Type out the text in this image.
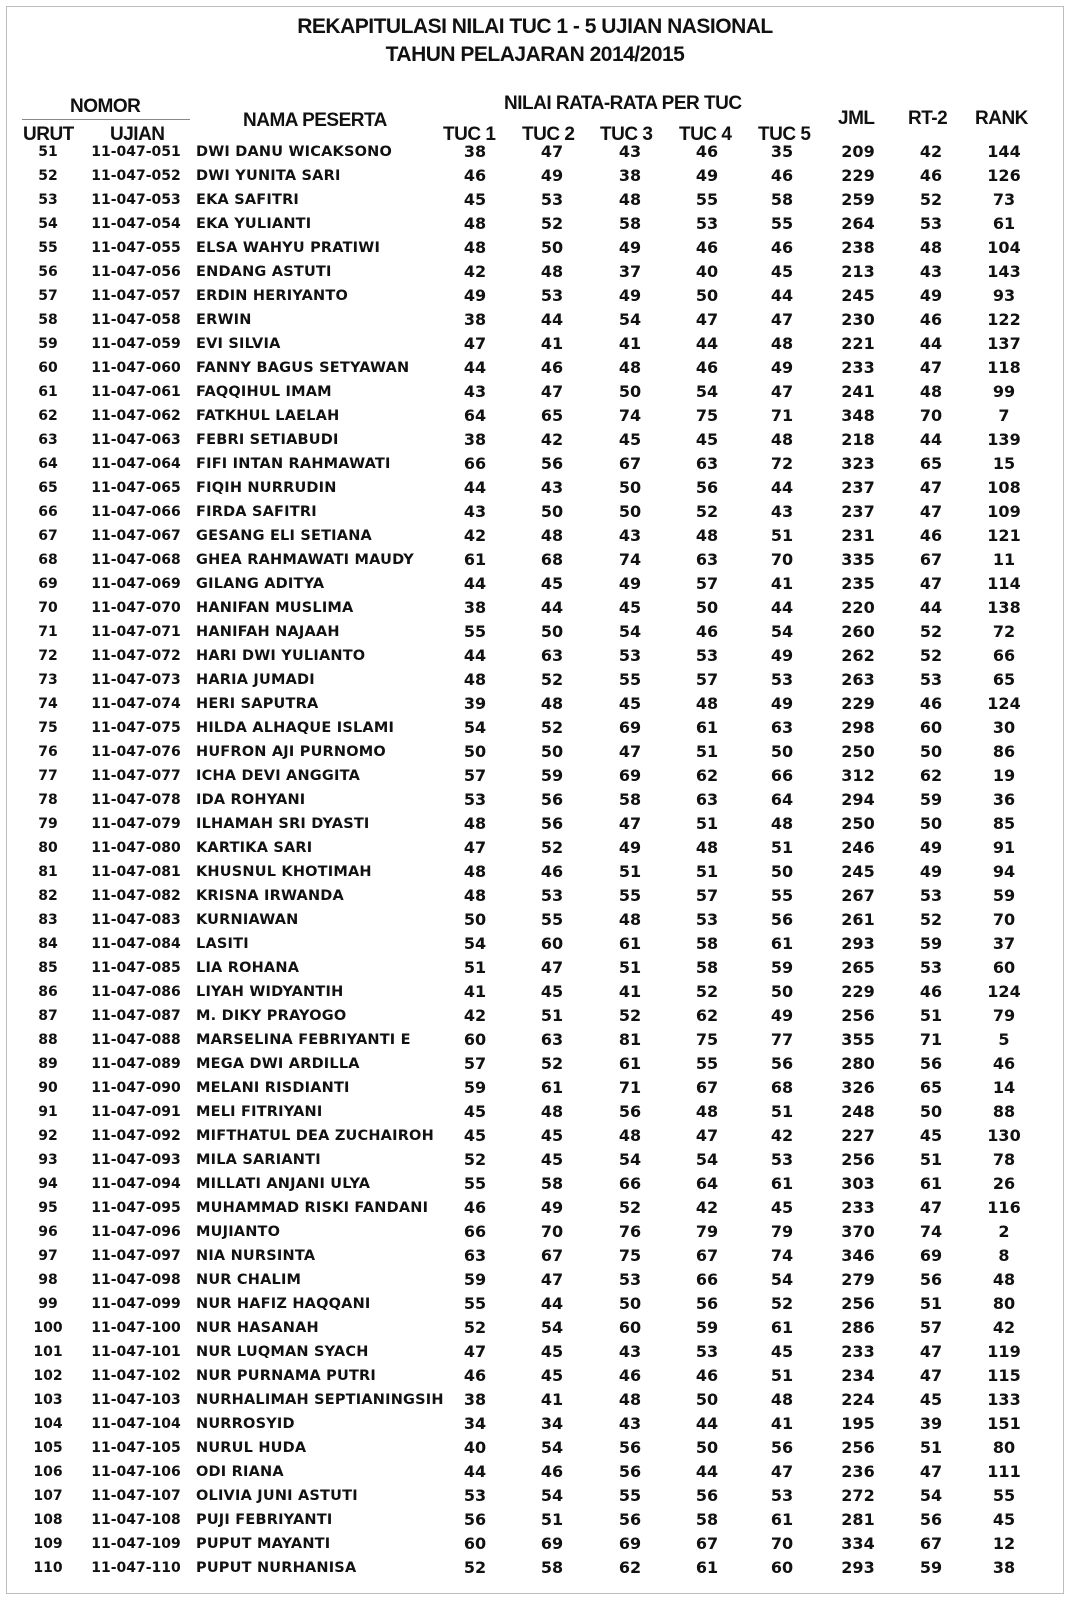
REKAPITULASI NILAI TUC 1 - 5 UJIAN NASIONAL
TAHUN PELAJARAN 2014/2015
NOMOR
URUT UJIAN
NAMA PESERTA
NILAI RATA-RATA PER TUC
TUC 1 TUC 2 TUC 3 TUC 4 TUC 5
JML RT-2 RANK
51	11-047-051 DWI DANU WICAKSONO	38	47	43	46	35	209	42	144
52	11-047-052 DWI YUNITA SARI	46	49	38	49	46	229	46	126
53	11-047-053 EKA SAFITRI	45	53	48	55	58	259	52	73
54	11-047-054 EKA YULIANTI	48	52	58	53	55	264	53	61
55	11-047-055 ELSA WAHYU PRATIWI	48	50	49	46	46	238	48	104
56	11-047-056 ENDANG ASTUTI	42	48	37	40	45	213	43	143
57	11-047-057 ERDIN HERIYANTO	49	53	49	50	44	245	49	93
58	11-047-058 ERWIN	38	44	54	47	47	230	46	122
59	11-047-059 EVI SILVIA	47	41	41	44	48	221	44	137
60	11-047-060 FANNY BAGUS SETYAWAN	44	46	48	46	49	233	47	118
61	11-047-061 FAQQIHUL IMAM	43	47	50	54	47	241	48	99
62	11-047-062 FATKHUL LAELAH	64	65	74	75	71	348	70	7
63	11-047-063 FEBRI SETIABUDI	38	42	45	45	48	218	44	139
64	11-047-064 FIFI INTAN RAHMAWATI	66	56	67	63	72	323	65	15
65	11-047-065 FIQIH NURRUDIN	44	43	50	56	44	237	47	108
66	11-047-066 FIRDA SAFITRI	43	50	50	52	43	237	47	109
67	11-047-067 GESANG ELI SETIANA	42	48	43	48	51	231	46	121
68	11-047-068 GHEA RAHMAWATI MAUDY	61	68	74	63	70	335	67	11
69	11-047-069 GILANG ADITYA	44	45	49	57	41	235	47	114
70	11-047-070 HANIFAN MUSLIMA	38	44	45	50	44	220	44	138
71	11-047-071 HANIFAH NAJAAH	55	50	54	46	54	260	52	72
72	11-047-072 HARI DWI YULIANTO	44	63	53	53	49	262	52	66
73	11-047-073 HARIA JUMADI	48	52	55	57	53	263	53	65
74	11-047-074 HERI SAPUTRA	39	48	45	48	49	229	46	124
75	11-047-075 HILDA ALHAQUE ISLAMI	54	52	69	61	63	298	60	30
76	11-047-076 HUFRON AJI PURNOMO	50	50	47	51	50	250	50	86
77	11-047-077 ICHA DEVI ANGGITA	57	59	69	62	66	312	62	19
78	11-047-078 IDA ROHYANI	53	56	58	63	64	294	59	36
79	11-047-079 ILHAMAH SRI DYASTI	48	56	47	51	48	250	50	85
80	11-047-080 KARTIKA SARI	47	52	49	48	51	246	49	91
81	11-047-081 KHUSNUL KHOTIMAH	48	46	51	51	50	245	49	94
82	11-047-082 KRISNA IRWANDA	48	53	55	57	55	267	53	59
83	11-047-083 KURNIAWAN	50	55	48	53	56	261	52	70
84	11-047-084 LASITI	54	60	61	58	61	293	59	37
85	11-047-085 LIA ROHANA	51	47	51	58	59	265	53	60
86	11-047-086 LIYAH WIDYANTIH	41	45	41	52	50	229	46	124
87	11-047-087 M. DIKY PRAYOGO	42	51	52	62	49	256	51	79
88	11-047-088 MARSELINA FEBRIYANTI E	60	63	81	75	77	355	71	5
89	11-047-089 MEGA DWI ARDILLA	57	52	61	55	56	280	56	46
90	11-047-090 MELANI RISDIANTI	59	61	71	67	68	326	65	14
91	11-047-091 MELI FITRIYANI	45	48	56	48	51	248	50	88
92	11-047-092 MIFTHATUL DEA ZUCHAIROH	45	45	48	47	42	227	45	130
93	11-047-093 MILA SARIANTI	52	45	54	54	53	256	51	78
94	11-047-094 MILLATI ANJANI ULYA	55	58	66	64	61	303	61	26
95	11-047-095 MUHAMMAD RISKI FANDANI	46	49	52	42	45	233	47	116
96	11-047-096 MUJIANTO	66	70	76	79	79	370	74	2
97	11-047-097 NIA NURSINTA	63	67	75	67	74	346	69	8
98	11-047-098 NUR CHALIM	59	47	53	66	54	279	56	48
99	11-047-099 NUR HAFIZ HAQQANI	55	44	50	56	52	256	51	80
100	11-047-100 NUR HASANAH	52	54	60	59	61	286	57	42
101	11-047-101 NUR LUQMAN SYACH	47	45	43	53	45	233	47	119
102	11-047-102 NUR PURNAMA PUTRI	46	45	46	46	51	234	47	115
103	11-047-103 NURHALIMAH SEPTIANINGSIH	38	41	48	50	48	224	45	133
104	11-047-104 NURROSYID	34	34	43	44	41	195	39	151
105	11-047-105 NURUL HUDA	40	54	56	50	56	256	51	80
106	11-047-106 ODI RIANA	44	46	56	44	47	236	47	111
107	11-047-107 OLIVIA JUNI ASTUTI	53	54	55	56	53	272	54	55
108	11-047-108 PUJI FEBRIYANTI	56	51	56	58	61	281	56	45
109	11-047-109 PUPUT MAYANTI	60	69	69	67	70	334	67	12
110	11-047-110 PUPUT NURHANISA	52	58	62	61	60	293	59	38
